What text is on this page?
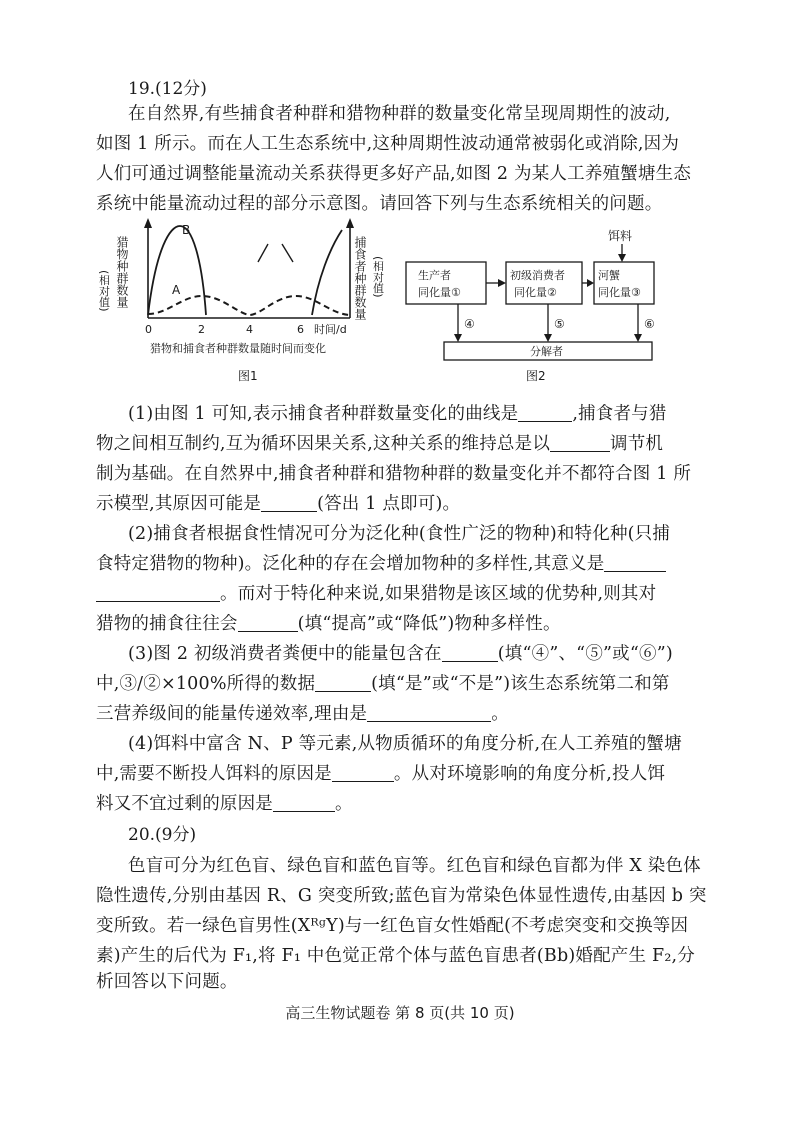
19.(12分)
在自然界,有些捕食者种群和猎物种群的数量变化常呈现周期性的波动,
如图 1 所示。而在人工生态系统中,这种周期性波动通常被弱化或消除,因为
人们可通过调整能量流动关系获得更多好产品,如图 2 为某人工养殖蟹塘生态
系统中能量流动过程的部分示意图。请回答下列与生态系统相关的问题。
(相对值) 猎物种群数量	捕食者种群数量 (相对值)
B
A
0	2	4	6 时间/d
猎物和捕食者种群数量随时间而变化
图1
饵料
生产者
同化量①
初级消费者
同化量②
河蟹
同化量③
④	⑤	⑥
分解者
图2
(1)由图 1 可知,表示捕食者种群数量变化的曲线是	,捕食者与猎
物之间相互制约,互为循环因果关系,这种关系的维持总是以	调节机
制为基础。在自然界中,捕食者种群和猎物种群的数量变化并不都符合图 1 所
示模型,其原因可能是	(答出 1 点即可)。
(2)捕食者根据食性情况可分为泛化种(食性广泛的物种)和特化种(只捕
食特定猎物的物种)。泛化种的存在会增加物种的多样性,其意义是
。而对于特化种来说,如果猎物是该区域的优势种,则其对
猎物的捕食往往会	(填“提高”或“降低”)物种多样性。
(3)图 2 初级消费者粪便中的能量包含在	(填“④”、“⑤”或“⑥”)
中,③/②×100%所得的数据	(填“是”或“不是”)该生态系统第二和第
三营养级间的能量传递效率,理由是	。
(4)饵料中富含 N、P 等元素,从物质循环的角度分析,在人工养殖的蟹塘
中,需要不断投人饵料的原因是	。从对环境影响的角度分析,投人饵
料又不宜过剩的原因是	。
20.(9分)
色盲可分为红色盲、绿色盲和蓝色盲等。红色盲和绿色盲都为伴 X 染色体
隐性遗传,分别由基因 R、G 突变所致;蓝色盲为常染色体显性遗传,由基因 b 突
变所致。若一绿色盲男性(XᴿᵍY)与一红色盲女性婚配(不考虑突变和交换等因
素)产生的后代为 F₁,将 F₁ 中色觉正常个体与蓝色盲患者(Bb)婚配产生 F₂,分
高三生物试题卷 第 8 页(共 10 页)
析回答以下问题。
